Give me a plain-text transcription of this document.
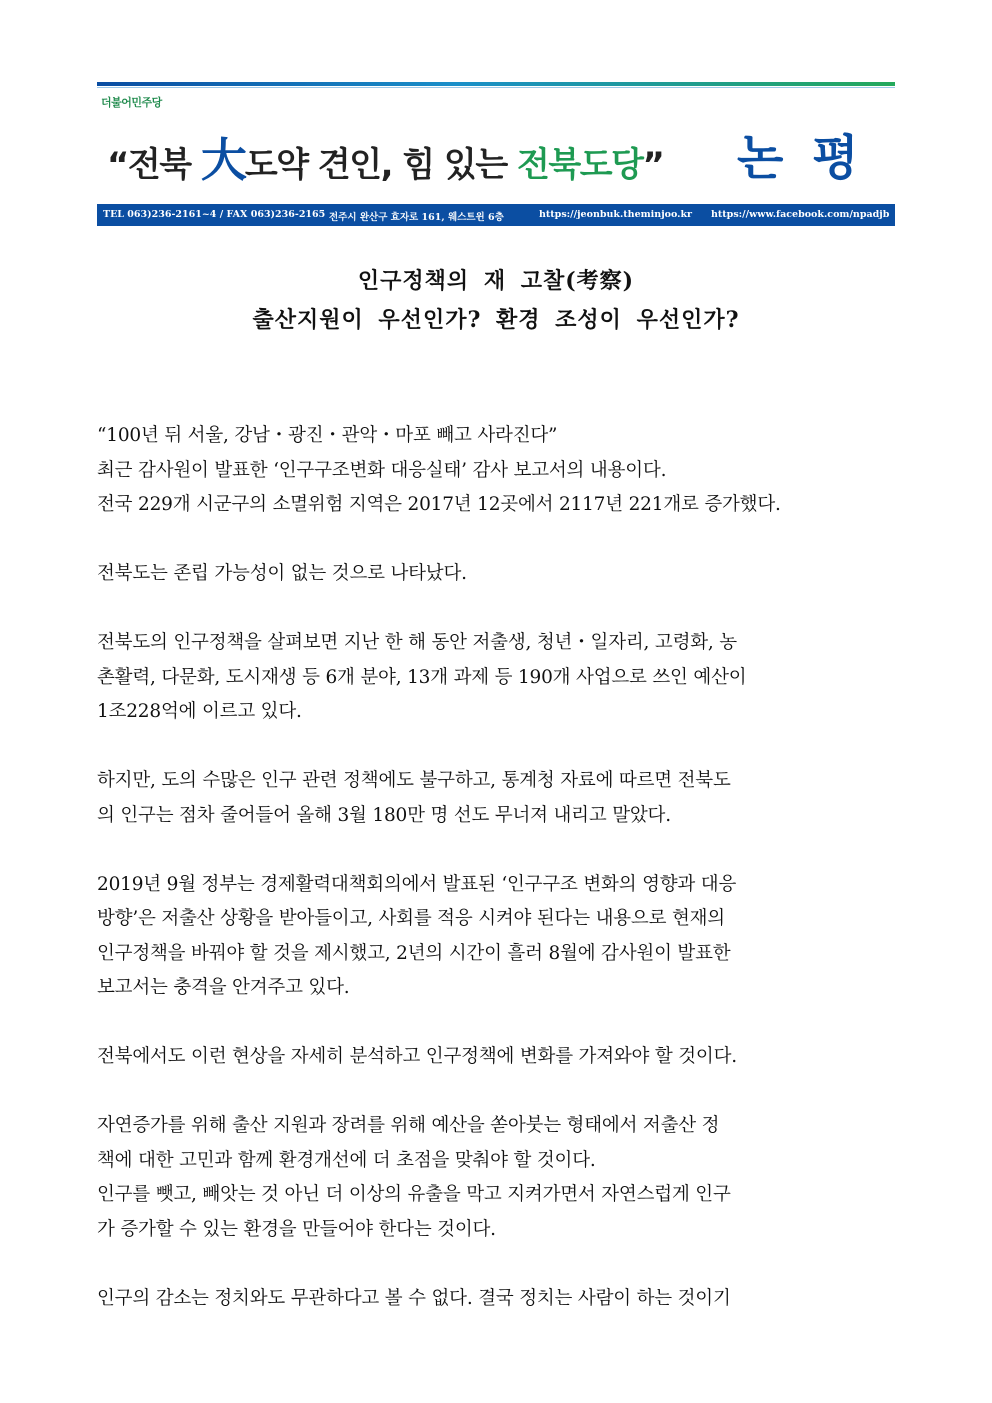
더불어민주당
“전북 大도약 견인, 힘 있는 전북도당” 논 평
TEL 063)236-2161~4 / FAX 063)236-2165 전주시 완산구 효자로 161, 웨스트윈 6층	https://jeonbuk.theminjoo.kr https://www.facebook.com/npadjb
인구정책의 재 고찰(考察)
출산지원이 우선인가? 환경 조성이 우선인가?
“100년 뒤 서울, 강남・광진・관악・마포 빼고 사라진다”
최근 감사원이 발표한 ‘인구구조변화 대응실태’ 감사 보고서의 내용이다.
전국 229개 시군구의 소멸위험 지역은 2017년 12곳에서 2117년 221개로 증가했다.
전북도는 존립 가능성이 없는 것으로 나타났다.
전북도의 인구정책을 살펴보면 지난 한 해 동안 저출생, 청년・일자리, 고령화, 농
촌활력, 다문화, 도시재생 등 6개 분야, 13개 과제 등 190개 사업으로 쓰인 예산이
1조228억에 이르고 있다.
하지만, 도의 수많은 인구 관련 정책에도 불구하고, 통계청 자료에 따르면 전북도
의 인구는 점차 줄어들어 올해 3월 180만 명 선도 무너져 내리고 말았다.
2019년 9월 정부는 경제활력대책회의에서 발표된 ‘인구구조 변화의 영향과 대응
방향’은 저출산 상황을 받아들이고, 사회를 적응 시켜야 된다는 내용으로 현재의
인구정책을 바꿔야 할 것을 제시했고, 2년의 시간이 흘러 8월에 감사원이 발표한
보고서는 충격을 안겨주고 있다.
전북에서도 이런 현상을 자세히 분석하고 인구정책에 변화를 가져와야 할 것이다.
자연증가를 위해 출산 지원과 장려를 위해 예산을 쏟아붓는 형태에서 저출산 정
책에 대한 고민과 함께 환경개선에 더 초점을 맞춰야 할 것이다.
인구를 뺏고, 빼앗는 것 아닌 더 이상의 유출을 막고 지켜가면서 자연스럽게 인구
가 증가할 수 있는 환경을 만들어야 한다는 것이다.
인구의 감소는 정치와도 무관하다고 볼 수 없다. 결국 정치는 사람이 하는 것이기
